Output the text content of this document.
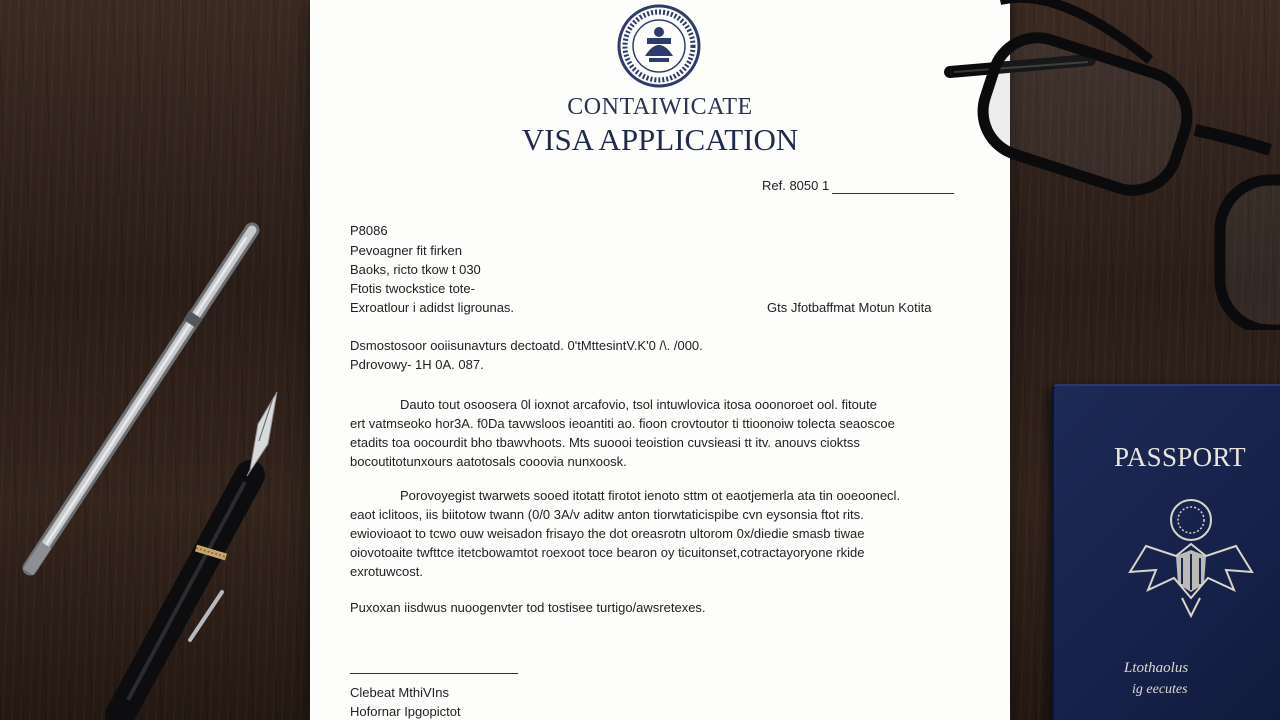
CONTAIWICATE
VISA APPLICATION
Ref. 8050 1
P8086
Pevoagner fit firken
Baoks, ricto tkow t 030
Ftotis twockstice tote-
Exroatlour i adidst ligrounas.	Gts Jfotbaffmat Motun Kotita
Dsmostosoor ooiisunavturs dectoatd. 0'tMttesintV.K'0 /\. /000.
Pdrovowy- 1H 0A. 087.
Dauto tout osoosera 0l ioxnot arcafovio, tsol intuwlovica itosa ooonoroet ool. fitoute
ert vatmseoko hor3A. f0Da tavwsloos ieoantiti ao. fioon crovtoutor ti ttioonoiw tolecta seaoscoe
etadits toa oocourdit bho tbawvhoots. Mts suoooi teoistion cuvsieasi tt itv. anouvs cioktss
bocoutitotunxours aatotosals cooovia nunxoosk.
Porovoyegist twarwets sooed itotatt firotot ienoto sttm ot eaotjemerla ata tin ooeoonecl.
eaot iclitoos, iis biitotow twann (0/0 3A/v aditw anton tiorwtaticispibe cvn eysonsia ftot rits.
ewiovioaot to tcwo ouw weisadon frisayo the dot oreasrotn ultorom 0x/diedie smasb tiwae
oiovotoaite twfttce itetcbowamtot roexoot toce bearon oy ticuitonset,cotractayoryone rkide
exrotuwcost.
Puxoxan iisdwus nuoogenvter tod tostisee turtigo/awsretexes.
Clebeat MthiVIns
Hofornar Ipgopictot
PASSPORT
Ltothaolus
ig eecutes
